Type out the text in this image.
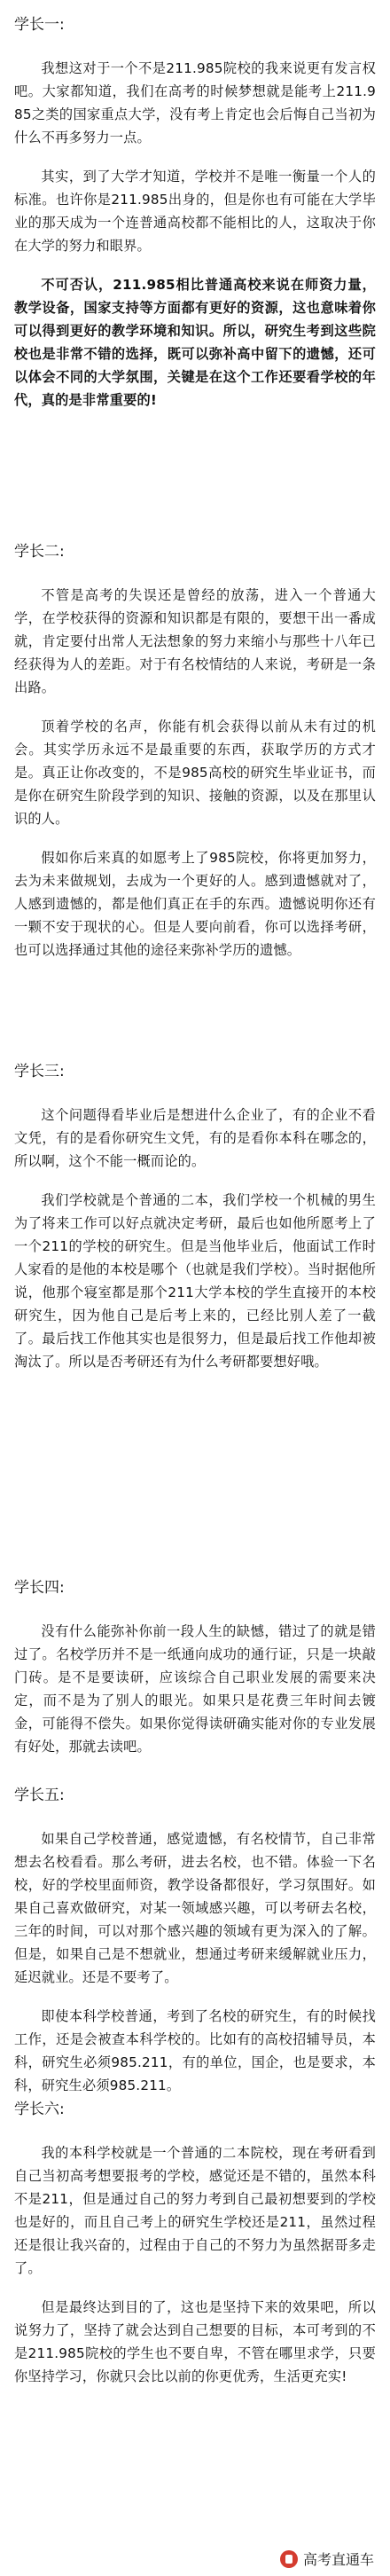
学长一:

我想这对于一个不是211.985院校的我来说更有发言权吧。大家都知道，我们在高考的时候梦想就是能考上211.985之类的国家重点大学，没有考上肯定也会后悔自己当初为什么不再多努力一点。

其实，到了大学才知道，学校并不是唯一衡量一个人的标准。也许你是211.985出身的，但是你也有可能在大学毕业的那天成为一个连普通高校都不能相比的人，这取决于你在大学的努力和眼界。

不可否认，211.985相比普通高校来说在师资力量，教学设备，国家支持等方面都有更好的资源，这也意味着你可以得到更好的教学环境和知识。所以，研究生考到这些院校也是非常不错的选择，既可以弥补高中留下的遗憾，还可以体会不同的大学氛围，关键是在这个工作还要看学校的年代，真的是非常重要的!

学长二:

不管是高考的失误还是曾经的放荡，进入一个普通大学，在学校获得的资源和知识都是有限的，要想干出一番成就，肯定要付出常人无法想象的努力来缩小与那些十八年已经获得为人的差距。对于有名校情结的人来说，考研是一条出路。

顶着学校的名声，你能有机会获得以前从未有过的机会。其实学历永远不是最重要的东西，获取学历的方式才是。真正让你改变的，不是985高校的研究生毕业证书，而是你在研究生阶段学到的知识、接触的资源，以及在那里认识的人。

假如你后来真的如愿考上了985院校，你将更加努力，去为未来做规划，去成为一个更好的人。感到遗憾就对了，人感到遗憾的，都是他们真正在手的东西。遗憾说明你还有一颗不安于现状的心。但是人要向前看，你可以选择考研，也可以选择通过其他的途径来弥补学历的遗憾。

学长三:

这个问题得看毕业后是想进什么企业了，有的企业不看文凭，有的是看你研究生文凭，有的是看你本科在哪念的，所以啊，这个不能一概而论的。

我们学校就是个普通的二本，我们学校一个机械的男生为了将来工作可以好点就决定考研，最后也如他所愿考上了一个211的学校的研究生。但是当他毕业后，他面试工作时人家看的是他的本校是哪个（也就是我们学校）。当时据他所说，他那个寝室都是那个211大学本校的学生直接开的本校研究生，因为他自己是后考上来的，已经比别人差了一截了。最后找工作他其实也是很努力，但是最后找工作他却被淘汰了。所以是否考研还有为什么考研都要想好哦。

学长四:

没有什么能弥补你前一段人生的缺憾，错过了的就是错过了。名校学历并不是一纸通向成功的通行证，只是一块敲门砖。是不是要读研，应该综合自己职业发展的需要来决定，而不是为了别人的眼光。如果只是花费三年时间去镀金，可能得不偿失。如果你觉得读研确实能对你的专业发展有好处，那就去读吧。

学长五:

如果自己学校普通，感觉遗憾，有名校情节，自己非常想去名校看看。那么考研，进去名校，也不错。体验一下名校，好的学校里面师资，教学设备都很好，学习氛围好。如果自己喜欢做研究，对某一领域感兴趣，可以考研去名校，三年的时间，可以对那个感兴趣的领域有更为深入的了解。但是，如果自己是不想就业，想通过考研来缓解就业压力，延迟就业。还是不要考了。

即使本科学校普通，考到了名校的研究生，有的时候找工作，还是会被查本科学校的。比如有的高校招辅导员，本科，研究生必须985.211，有的单位，国企，也是要求，本科，研究生必须985.211。

学长六:

我的本科学校就是一个普通的二本院校，现在考研看到自己当初高考想要报考的学校，感觉还是不错的，虽然本科不是211，但是通过自己的努力考到自己最初想要到的学校也是好的，而且自己考上的研究生学校还是211，虽然过程还是很让我兴奋的，过程由于自己的不努力为虽然据哥多走了。

但是最终达到目的了，这也是坚持下来的效果吧，所以说努力了，坚持了就会达到自己想要的目标，本可考到的不是211.985院校的学生也不要自卑，不管在哪里求学，只要你坚持学习，你就只会比以前的你更优秀，生活更充实!

高考直通车
